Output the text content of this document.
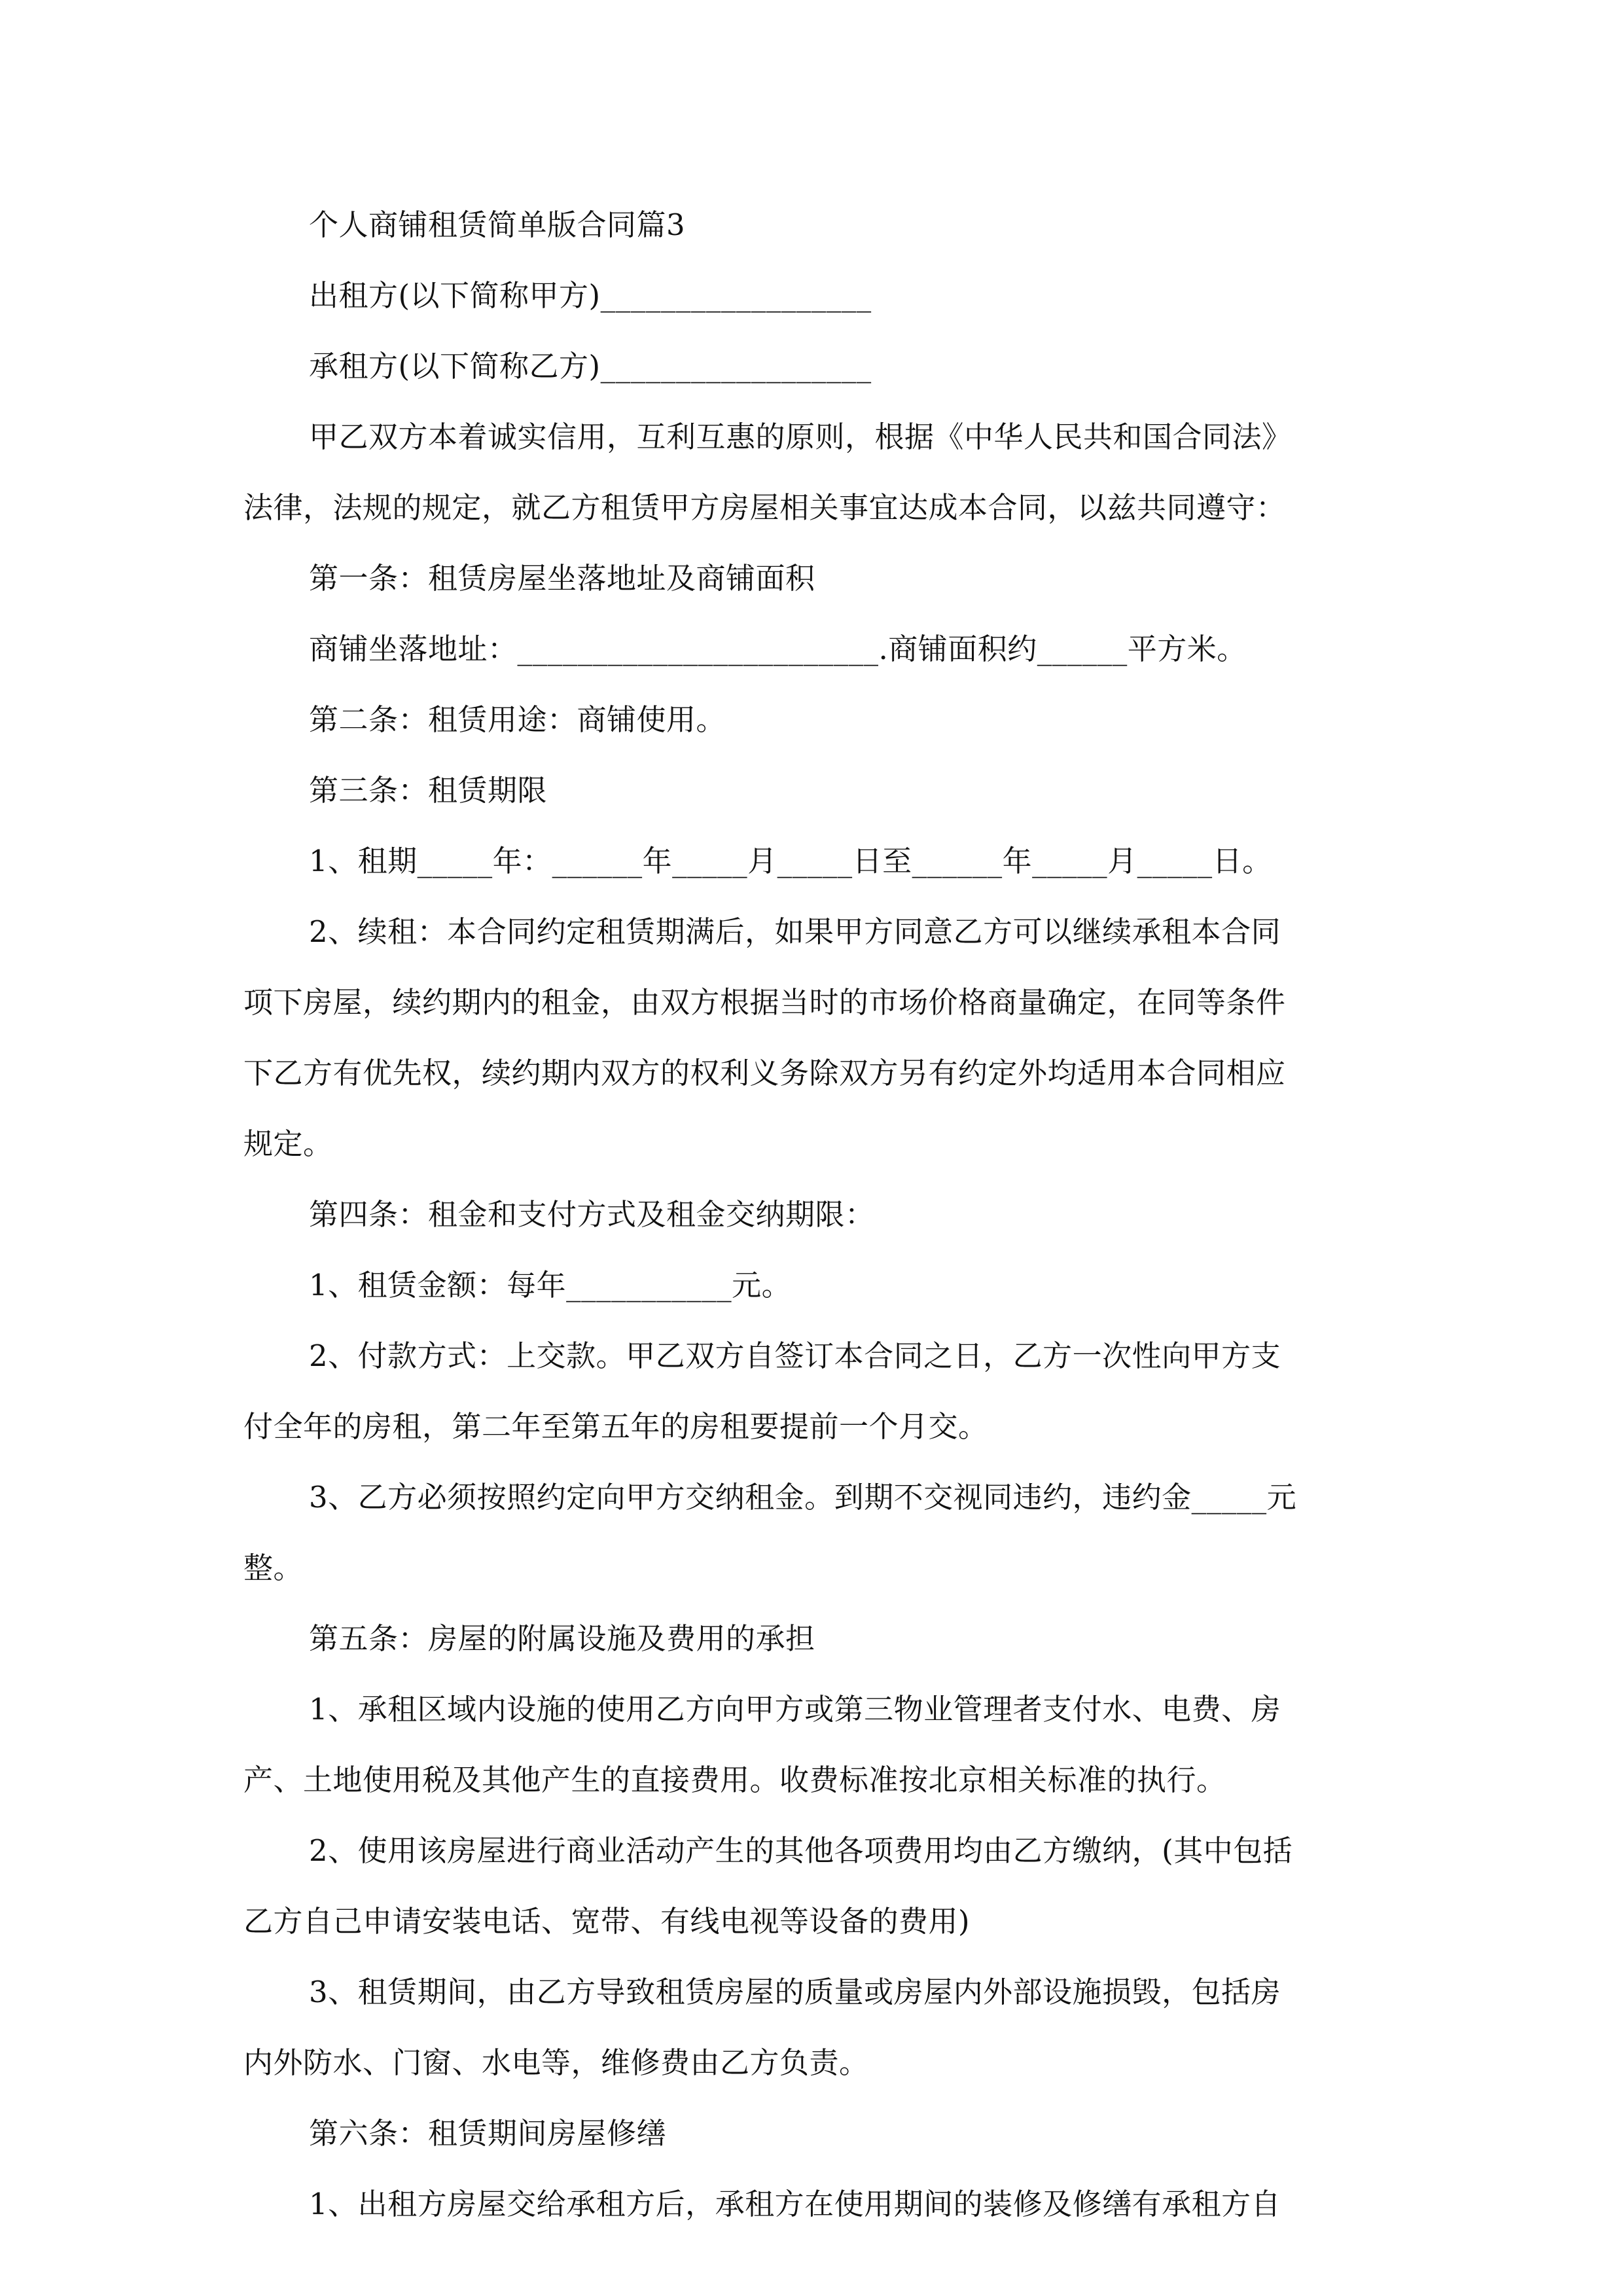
个人商铺租赁简单版合同篇3
出租方(以下简称甲方)__________________
承租方(以下简称乙方)__________________
甲乙双方本着诚实信用，互利互惠的原则，根据《中华人民共和国合同法》
法律，法规的规定，就乙方租赁甲方房屋相关事宜达成本合同，以兹共同遵守：
第一条：租赁房屋坐落地址及商铺面积
商铺坐落地址：________________________.商铺面积约______平方米。
第二条：租赁用途：商铺使用。
第三条：租赁期限
1、租期_____年：______年_____月_____日至______年_____月_____日。
2、续租：本合同约定租赁期满后，如果甲方同意乙方可以继续承租本合同
项下房屋，续约期内的租金，由双方根据当时的市场价格商量确定，在同等条件
下乙方有优先权，续约期内双方的权利义务除双方另有约定外均适用本合同相应
规定。
第四条：租金和支付方式及租金交纳期限：
1、租赁金额：每年___________元。
2、付款方式：上交款。甲乙双方自签订本合同之日，乙方一次性向甲方支
付全年的房租，第二年至第五年的房租要提前一个月交。
3、乙方必须按照约定向甲方交纳租金。到期不交视同违约，违约金_____元
整。
第五条：房屋的附属设施及费用的承担
1、承租区域内设施的使用乙方向甲方或第三物业管理者支付水、电费、房
产、土地使用税及其他产生的直接费用。收费标准按北京相关标准的执行。
2、使用该房屋进行商业活动产生的其他各项费用均由乙方缴纳，(其中包括
乙方自己申请安装电话、宽带、有线电视等设备的费用)
3、租赁期间，由乙方导致租赁房屋的质量或房屋内外部设施损毁，包括房
内外防水、门窗、水电等，维修费由乙方负责。
第六条：租赁期间房屋修缮
1、出租方房屋交给承租方后，承租方在使用期间的装修及修缮有承租方自
